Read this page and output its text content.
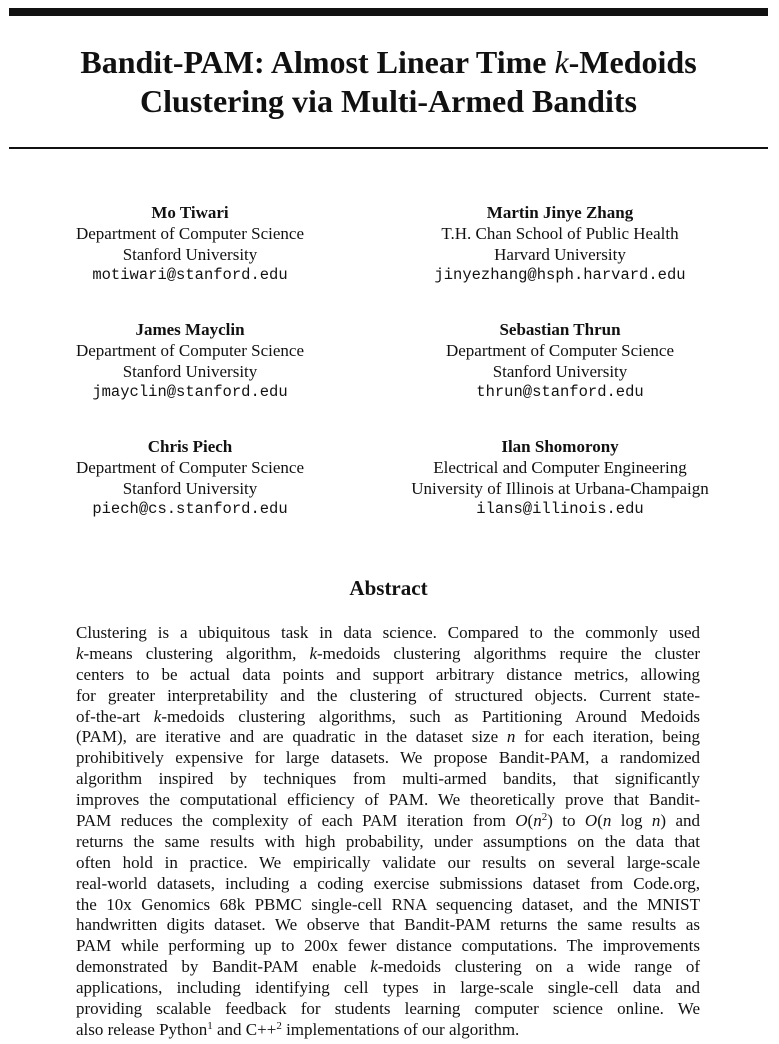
Bandit-PAM: Almost Linear Time k-Medoids
Clustering via Multi-Armed Bandits
Mo Tiwari
Department of Computer Science
Stanford University
motiwari@stanford.edu
Martin Jinye Zhang
T.H. Chan School of Public Health
Harvard University
jinyezhang@hsph.harvard.edu
James Mayclin
Department of Computer Science
Stanford University
jmayclin@stanford.edu
Sebastian Thrun
Department of Computer Science
Stanford University
thrun@stanford.edu
Chris Piech
Department of Computer Science
Stanford University
piech@cs.stanford.edu
Ilan Shomorony
Electrical and Computer Engineering
University of Illinois at Urbana-Champaign
ilans@illinois.edu
Abstract
Clustering is a ubiquitous task in data science. Compared to the commonly used
k-means clustering algorithm, k-medoids clustering algorithms require the cluster
centers to be actual data points and support arbitrary distance metrics, allowing
for greater interpretability and the clustering of structured objects. Current state-
of-the-art k-medoids clustering algorithms, such as Partitioning Around Medoids
(PAM), are iterative and are quadratic in the dataset size n for each iteration, being
prohibitively expensive for large datasets. We propose Bandit-PAM, a randomized
algorithm inspired by techniques from multi-armed bandits, that significantly
improves the computational efficiency of PAM. We theoretically prove that Bandit-
PAM reduces the complexity of each PAM iteration from $O(n^2)$ to O(n log n) and
returns the same results with high probability, under assumptions on the data that
often hold in practice. We empirically validate our results on several large-scale
real-world datasets, including a coding exercise submissions dataset from Code.org,
the 10x Genomics 68k PBMC single-cell RNA sequencing dataset, and the MNIST
handwritten digits dataset. We observe that Bandit-PAM returns the same results as
PAM while performing up to 200x fewer distance computations. The improvements
demonstrated by Bandit-PAM enable k-medoids clustering on a wide range of
applications, including identifying cell types in large-scale single-cell data and
providing scalable feedback for students learning computer science online. We
also release Python$^1$ and C++$^2$ implementations of our algorithm.
